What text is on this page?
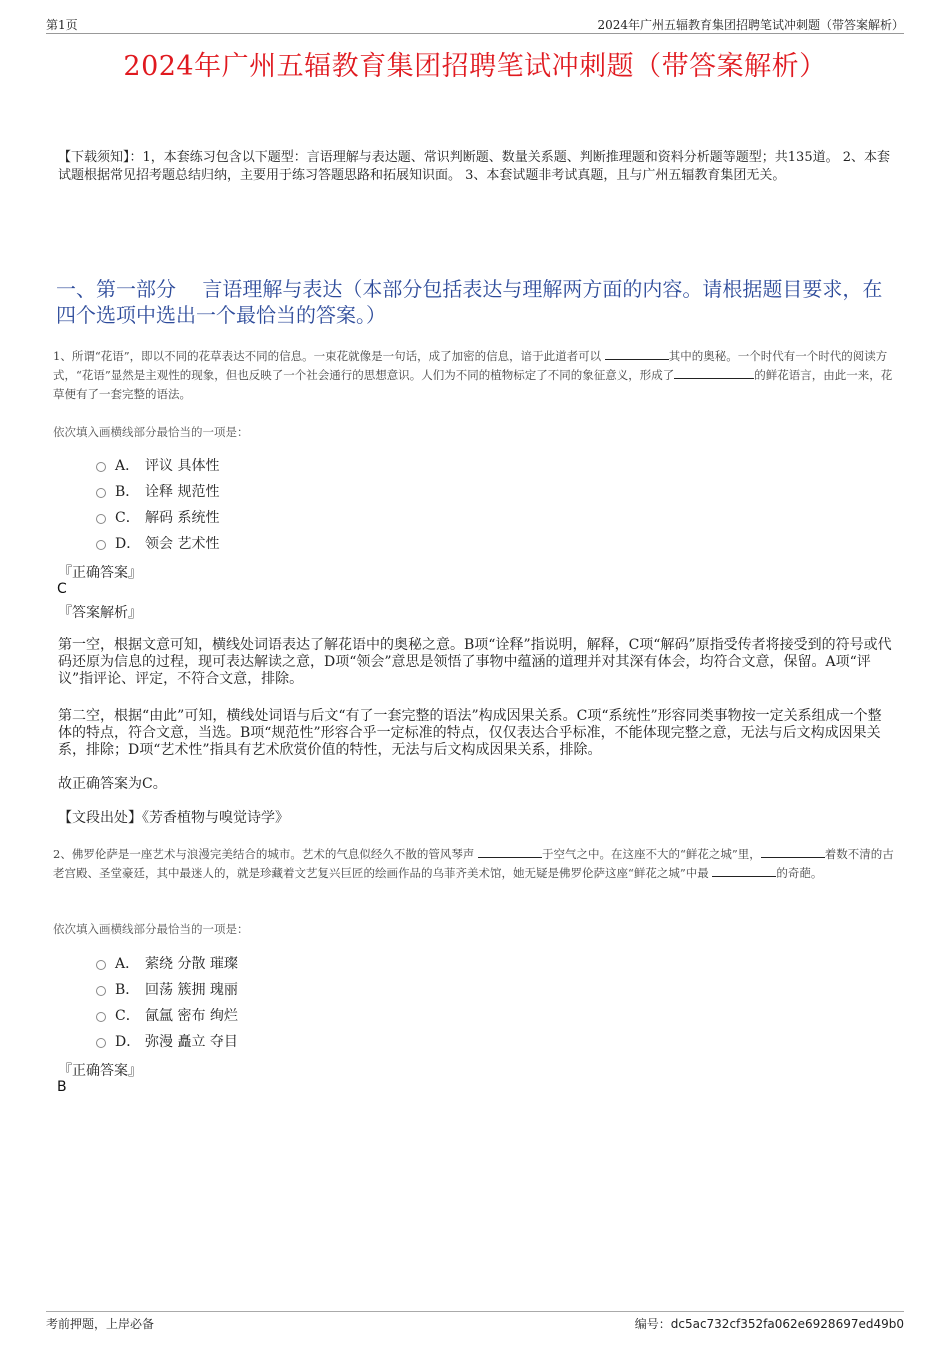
第1页	2024年广州五辐教育集团招聘笔试冲刺题（带答案解析）
2024年广州五辐教育集团招聘笔试冲刺题（带答案解析）
【下载须知】：1，本套练习包含以下题型：言语理解与表达题、常识判断题、数量关系题、判断推理题和资料分析题等题型；共135道。 2、本套试题根据常见招考题总结归纳，主要用于练习答题思路和拓展知识面。 3、本套试题非考试真题，且与广州五辐教育集团无关。
一、第一部分　 言语理解与表达（本部分包括表达与理解两方面的内容。请根据题目要求，在四个选项中选出一个最恰当的答案。）
1、所谓“花语”，即以不同的花草表达不同的信息。一束花就像是一句话，成了加密的信息，谙于此道者可以	其中的奥秘。一个时代有一个时代的阅读方式，“花语”显然是主观性的现象，但也反映了一个社会通行的思想意识。人们为不同的植物标定了不同的象征意义，形成了	的鲜花语言，由此一来，花草便有了一套完整的语法。
依次填入画横线部分最恰当的一项是：
A． 评议 具体性
B． 诠释 规范性
C． 解码 系统性
D． 领会 艺术性
『正确答案』
C
『答案解析』
第一空，根据文意可知，横线处词语表达了解花语中的奥秘之意。B项“诠释”指说明，解释，C项“解码”原指受传者将接受到的符号或代码还原为信息的过程，现可表达解读之意，D项“领会”意思是领悟了事物中蕴涵的道理并对其深有体会，均符合文意，保留。A项“评议”指评论、评定，不符合文意，排除。
第二空，根据“由此”可知，横线处词语与后文“有了一套完整的语法”构成因果关系。C项“系统性”形容同类事物按一定关系组成一个整体的特点，符合文意，当选。B项“规范性”形容合乎一定标准的特点，仅仅表达合乎标准，不能体现完整之意，无法与后文构成因果关系，排除；D项“艺术性”指具有艺术欣赏价值的特性，无法与后文构成因果关系，排除。
故正确答案为C。
【文段出处】《芳香植物与嗅觉诗学》
2、佛罗伦萨是一座艺术与浪漫完美结合的城市。艺术的气息似经久不散的管风琴声	于空气之中。在这座不大的“鲜花之城”里，	着数不清的古老宫殿、圣堂豪廷，其中最迷人的，就是珍藏着文艺复兴巨匠的绘画作品的乌菲齐美术馆，她无疑是佛罗伦萨这座“鲜花之城”中最	的奇葩。
依次填入画横线部分最恰当的一项是：
A． 萦绕 分散 璀璨
B． 回荡 簇拥 瑰丽
C． 氤氲 密布 绚烂
D． 弥漫 矗立 夺目
『正确答案』
B
考前押题，上岸必备	编号：dc5ac732cf352fa062e6928697ed49b0
